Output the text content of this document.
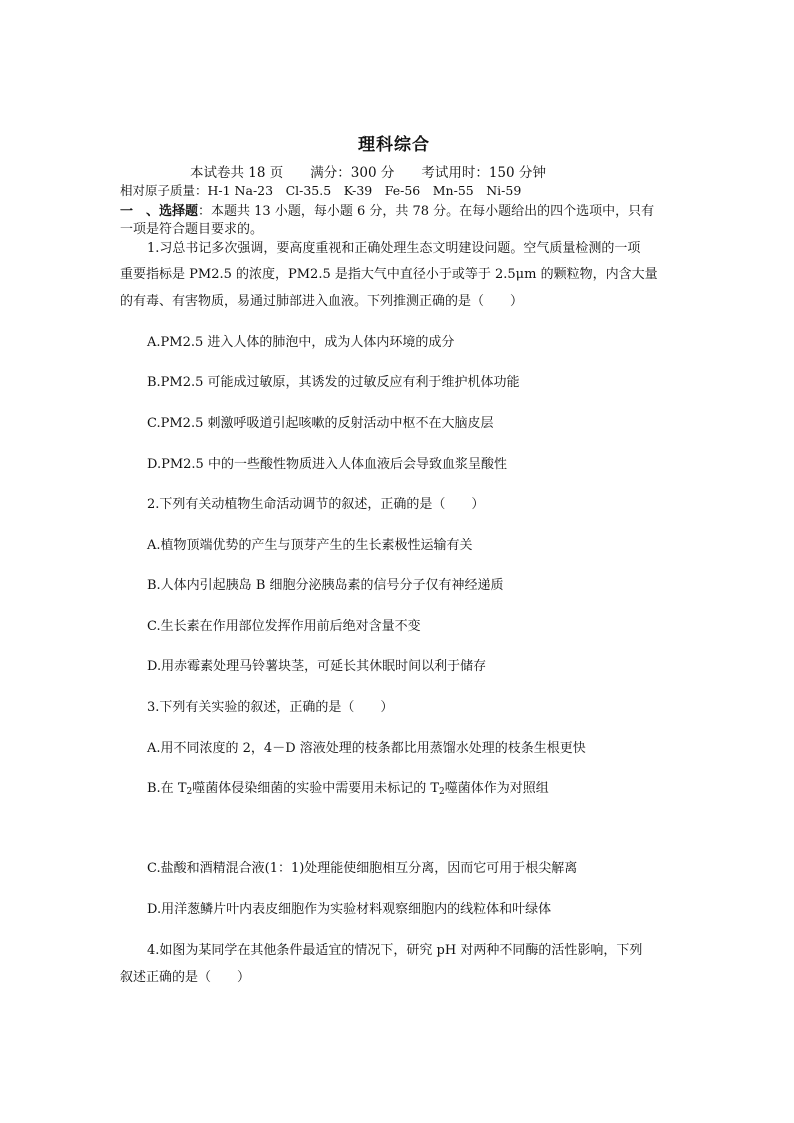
理科综合
本试卷共 18 页　　满分：300 分　　考试用时：150 分钟
相对原子质量：H-1 Na-23　Cl-35.5　K-39　Fe-56　Mn-55　Ni-59
一　、选择题：本题共 13 小题，每小题 6 分，共 78 分。在每小题给出的四个选项中，只有
一项是符合题目要求的。
1.习总书记多次强调，要高度重视和正确处理生态文明建设问题。空气质量检测的一项
重要指标是 PM2.5 的浓度，PM2.5 是指大气中直径小于或等于 2.5μm 的颗粒物，内含大量
的有毒、有害物质，易通过肺部进入血液。下列推测正确的是（　　）
A.PM2.5 进入人体的肺泡中，成为人体内环境的成分
B.PM2.5 可能成过敏原，其诱发的过敏反应有利于维护机体功能
C.PM2.5 刺激呼吸道引起咳嗽的反射活动中枢不在大脑皮层
D.PM2.5 中的一些酸性物质进入人体血液后会导致血浆呈酸性
2.下列有关动植物生命活动调节的叙述，正确的是（　　）
A.植物顶端优势的产生与顶芽产生的生长素极性运输有关
B.人体内引起胰岛 B 细胞分泌胰岛素的信号分子仅有神经递质
C.生长素在作用部位发挥作用前后绝对含量不变
D.用赤霉素处理马铃薯块茎，可延长其休眠时间以利于储存
3.下列有关实验的叙述，正确的是（　　）
A.用不同浓度的 2，4－D 溶液处理的枝条都比用蒸馏水处理的枝条生根更快
B.在 $T_2$噬菌体侵染细菌的实验中需要用未标记的 $T_2$噬菌体作为对照组
C.盐酸和酒精混合液(1：1)处理能使细胞相互分离，因而它可用于根尖解离
D.用洋葱鳞片叶内表皮细胞作为实验材料观察细胞内的线粒体和叶绿体
4.如图为某同学在其他条件最适宜的情况下，研究 pH 对两种不同酶的活性影响，下列
叙述正确的是（　　）
